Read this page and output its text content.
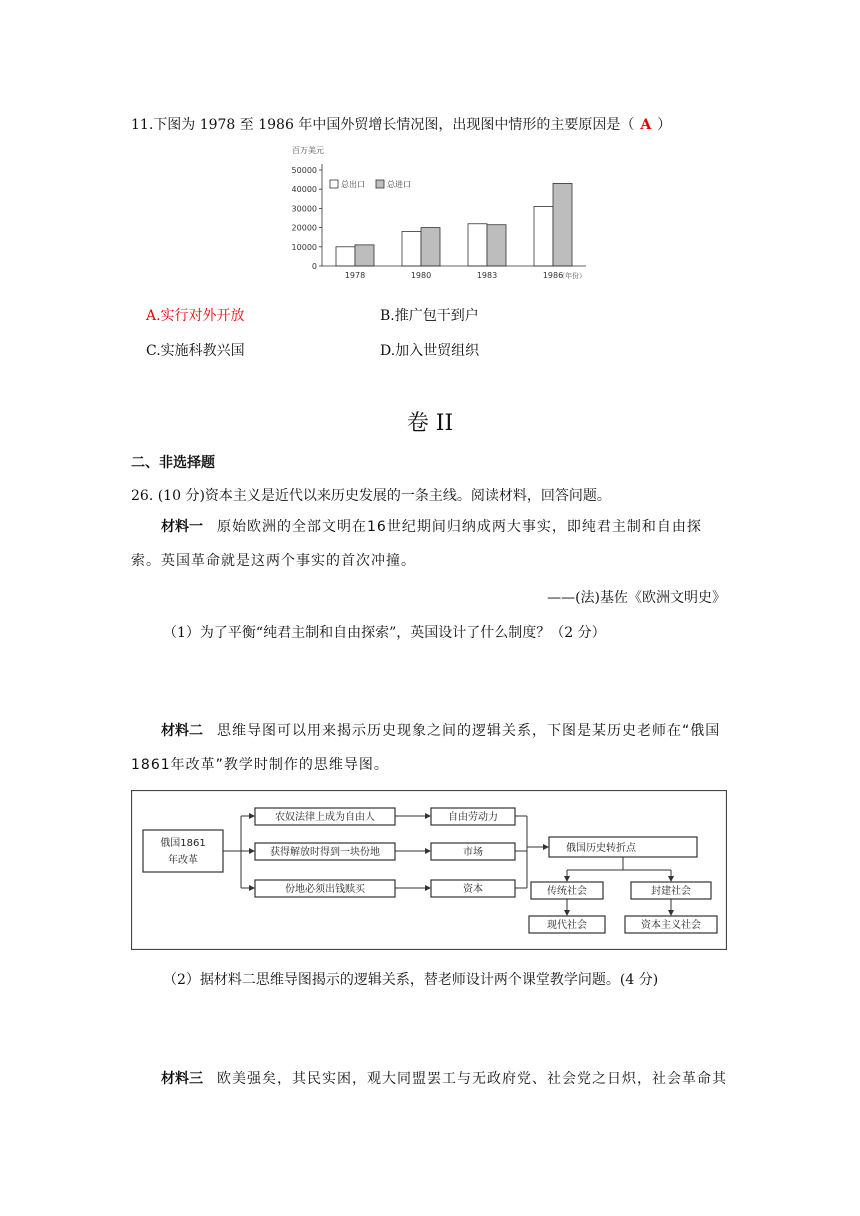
11.下图为 1978 至 1986 年中国外贸增长情况图，出现图中情形的主要原因是（ A ）
百万美元
0
10000
20000
30000
40000
50000
1978	1980	1983	1986
（年份）
总出口	总进口
A.实行对外开放	B.推广包干到户
C.实施科教兴国	D.加入世贸组织
卷 II
二、非选择题
26. (10 分)资本主义是近代以来历史发展的一条主线。阅读材料，回答问题。
材料一 原始欧洲的全部文明在16世纪期间归纳成两大事实，即纯君主制和自由探索。英国革命就是这两个事实的首次冲撞。
——(法)基佐《欧洲文明史》
（1）为了平衡“纯君主制和自由探索”，英国设计了什么制度？（2 分）
材料二 思维导图可以用来揭示历史现象之间的逻辑关系，下图是某历史老师在“俄国1861年改革”教学时制作的思维导图。
俄国1861
年改革
农奴法律上成为自由人
获得解放时得到一块份地
份地必须出钱赎买
自由劳动力
市场
资本
俄国历史转折点
传统社会	封建社会
现代社会	资本主义社会
（2）据材料二思维导图揭示的逻辑关系，替老师设计两个课堂教学问题。(4 分)
材料三 欧美强矣，其民实困，观大同盟罢工与无政府党、社会党之日炽，社会革命其
